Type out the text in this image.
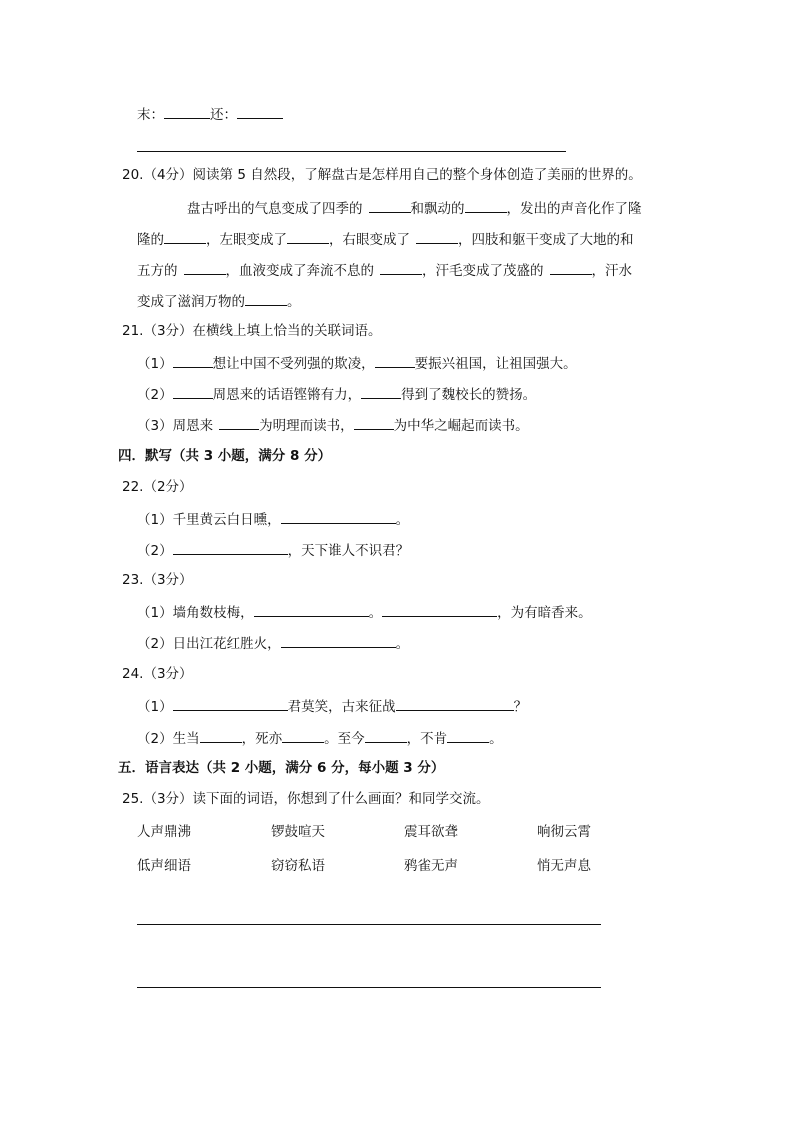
末：	还：
20.（4分）阅读第 5 自然段，了解盘古是怎样用自己的整个身体创造了美丽的世界的。
盘古呼出的气息变成了四季的	和飘动的	，发出的声音化作了隆
隆的	，左眼变成了	，右眼变成了	，四肢和躯干变成了大地的和
五方的	，血液变成了奔流不息的	，汗毛变成了茂盛的	，汗水
变成了滋润万物的	。
21.（3分）在横线上填上恰当的关联词语。
（1）	想让中国不受列强的欺凌，	要振兴祖国，让祖国强大。
（2）	周恩来的话语铿锵有力，	得到了魏校长的赞扬。
（3）周恩来	为明理而读书，	为中华之崛起而读书。
四．默写（共 3 小题，满分 8 分）
22.（2分）
（1）千里黄云白日曛，	。
（2）	，天下谁人不识君？
23.（3分）
（1）墙角数枝梅，	。	，为有暗香来。
（2）日出江花红胜火，	。
24.（3分）
（1）	君莫笑，古来征战	？
（2）生当	，死亦	。至今	，不肯	。
五．语言表达（共 2 小题，满分 6 分，每小题 3 分）
25.（3分）读下面的词语，你想到了什么画面？和同学交流。
人声鼎沸	锣鼓喧天	震耳欲聋	响彻云霄
低声细语	窃窃私语	鸦雀无声	悄无声息
